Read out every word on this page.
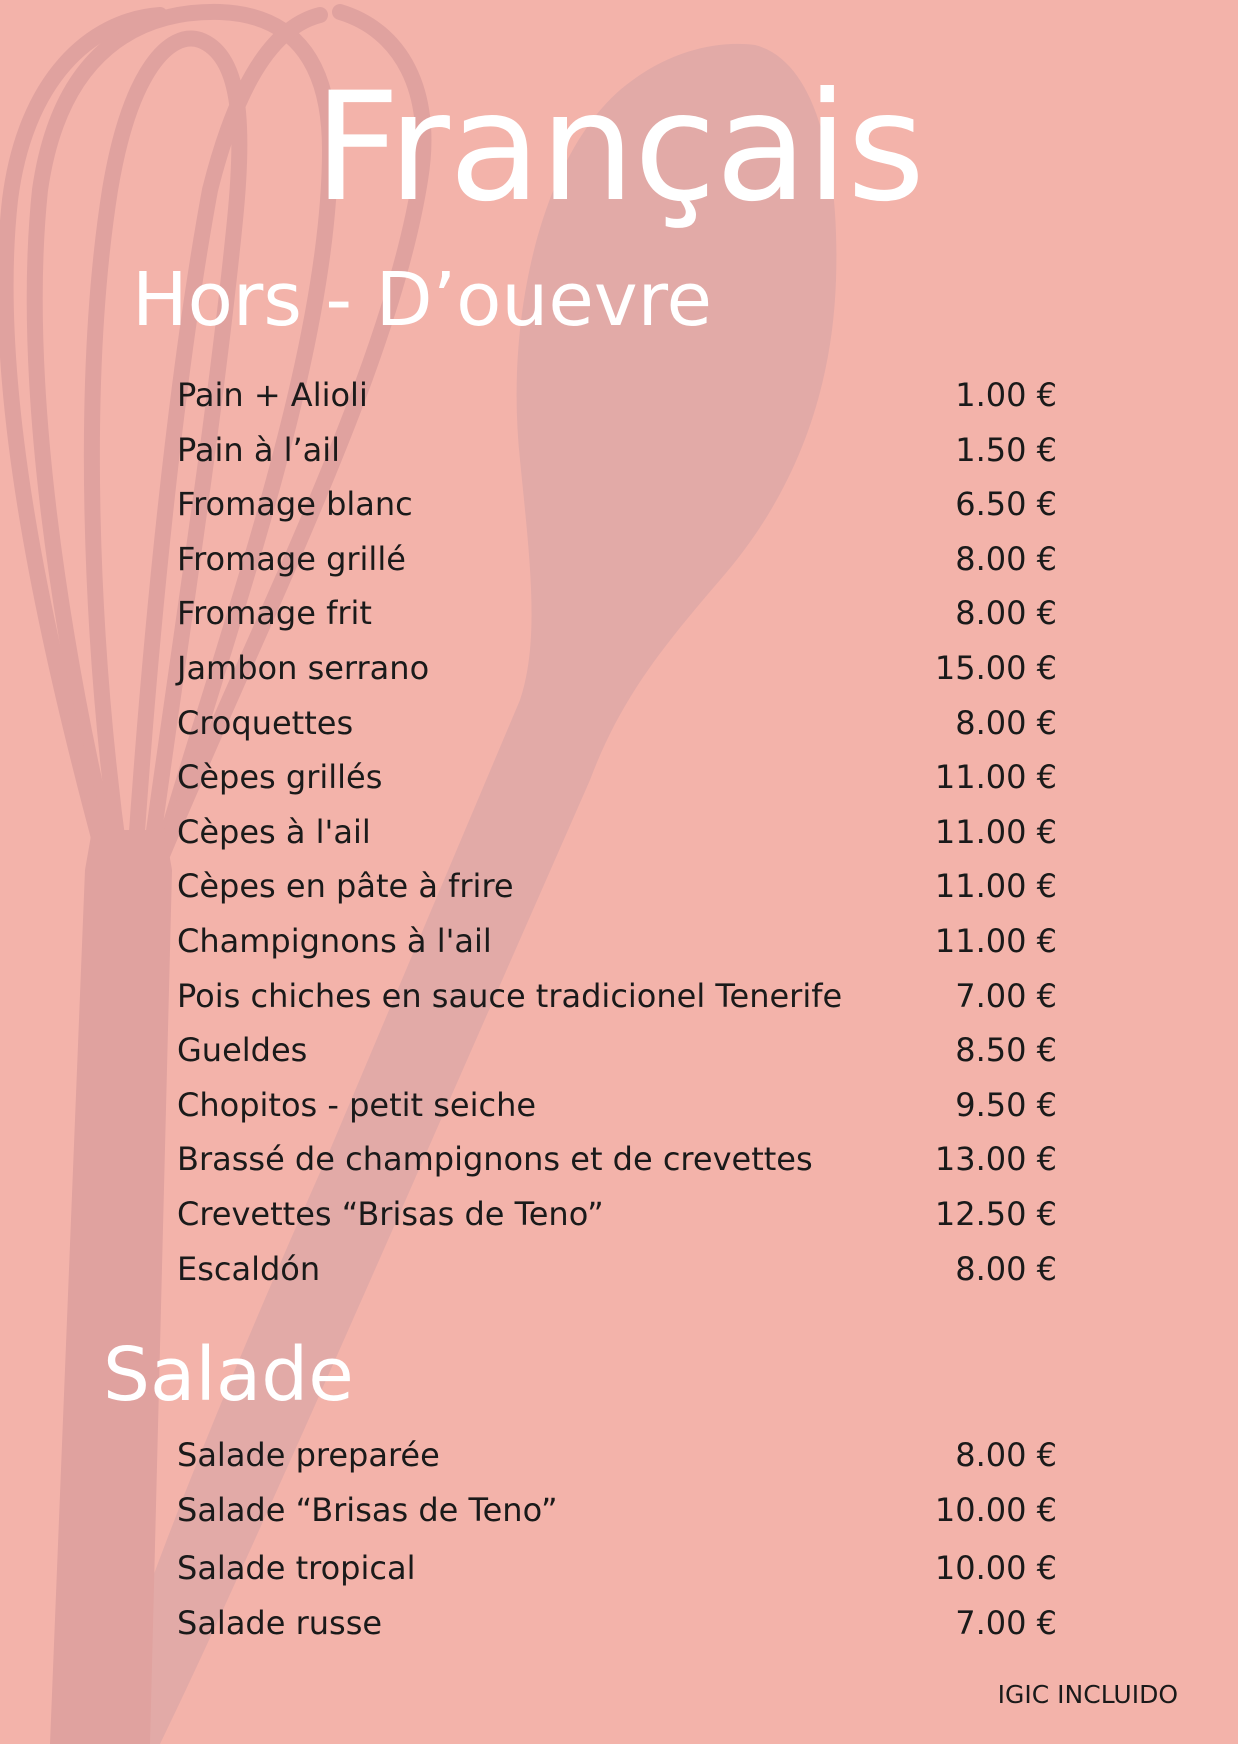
Français
Hors - D’ouevre
Pain + Alioli	1.00 €
Pain à l’ail	1.50 €
Fromage blanc	6.50 €
Fromage grillé	8.00 €
Fromage frit	8.00 €
Jambon serrano	15.00 €
Croquettes	8.00 €
Cèpes grillés	11.00 €
Cèpes à l'ail	11.00 €
Cèpes en pâte à frire	11.00 €
Champignons à l'ail	11.00 €
Pois chiches en sauce tradicionel Tenerife	7.00 €
Gueldes	8.50 €
Chopitos - petit seiche	9.50 €
Brassé de champignons et de crevettes	13.00 €
Crevettes “Brisas de Teno”	12.50 €
Escaldón	8.00 €
Salade
Salade preparée	8.00 €
Salade “Brisas de Teno”	10.00 €
Salade tropical	10.00 €
Salade russe	7.00 €
IGIC INCLUIDO
